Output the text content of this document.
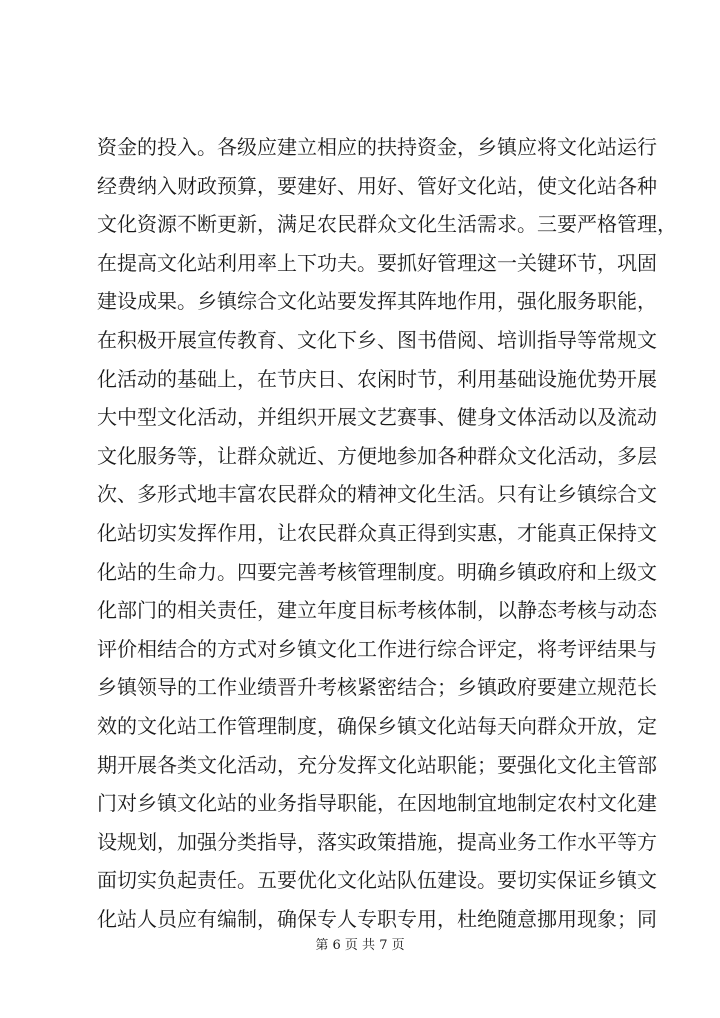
资金的投入。各级应建立相应的扶持资金，乡镇应将文化站运行
经费纳入财政预算，要建好、用好、管好文化站，使文化站各种
文化资源不断更新，满足农民群众文化生活需求。三要严格管理，
在提高文化站利用率上下功夫。要抓好管理这一关键环节，巩固
建设成果。乡镇综合文化站要发挥其阵地作用，强化服务职能，
在积极开展宣传教育、文化下乡、图书借阅、培训指导等常规文
化活动的基础上，在节庆日、农闲时节，利用基础设施优势开展
大中型文化活动，并组织开展文艺赛事、健身文体活动以及流动
文化服务等，让群众就近、方便地参加各种群众文化活动，多层
次、多形式地丰富农民群众的精神文化生活。只有让乡镇综合文
化站切实发挥作用，让农民群众真正得到实惠，才能真正保持文
化站的生命力。四要完善考核管理制度。明确乡镇政府和上级文
化部门的相关责任，建立年度目标考核体制，以静态考核与动态
评价相结合的方式对乡镇文化工作进行综合评定，将考评结果与
乡镇领导的工作业绩晋升考核紧密结合；乡镇政府要建立规范长
效的文化站工作管理制度，确保乡镇文化站每天向群众开放，定
期开展各类文化活动，充分发挥文化站职能；要强化文化主管部
门对乡镇文化站的业务指导职能，在因地制宜地制定农村文化建
设规划，加强分类指导，落实政策措施，提高业务工作水平等方
面切实负起责任。五要优化文化站队伍建设。要切实保证乡镇文
化站人员应有编制，确保专人专职专用，杜绝随意挪用现象；同
第 6 页 共 7 页
